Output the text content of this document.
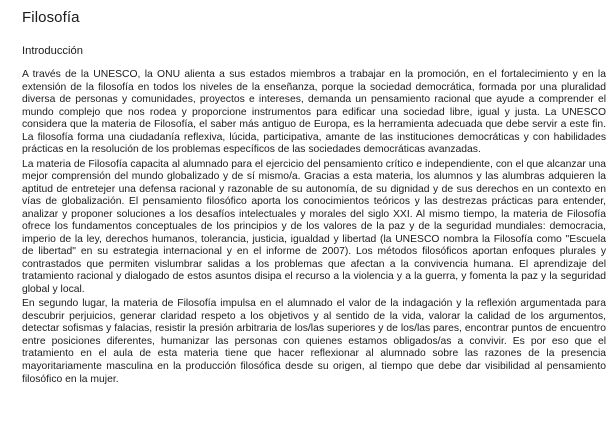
Filosofía
Introducción

A través de la UNESCO, la ONU alienta a sus estados miembros a trabajar en la promoción, en el fortalecimiento y en la extensión de la filosofía en todos los niveles de la enseñanza, porque la sociedad democrática, formada por una pluralidad diversa de personas y comunidades, proyectos e intereses, demanda un pensamiento racional que ayude a comprender el mundo complejo que nos rodea y proporcione instrumentos para edificar una sociedad libre, igual y justa. La UNESCO considera que la materia de Filosofía, el saber más antiguo de Europa, es la herramienta adecuada que debe servir a este fin. La filosofía forma una ciudadanía reflexiva, lúcida, participativa, amante de las instituciones democráticas y con habilidades prácticas en la resolución de los problemas específicos de las sociedades democráticas avanzadas.

La materia de Filosofía capacita al alumnado para el ejercicio del pensamiento crítico e independiente, con el que alcanzar una mejor comprensión del mundo globalizado y de sí mismo/a. Gracias a esta materia, los alumnos y las alumbras adquieren la aptitud de entretejer una defensa racional y razonable de su autonomía, de su dignidad y de sus derechos en un contexto en vías de globalización. El pensamiento filosófico aporta los conocimientos teóricos y las destrezas prácticas para entender, analizar y proponer soluciones a los desafíos intelectuales y morales del siglo XXI. Al mismo tiempo, la materia de Filosofía ofrece los fundamentos conceptuales de los principios y de los valores de la paz y de la seguridad mundiales: democracia, imperio de la ley, derechos humanos, tolerancia, justicia, igualdad y libertad (la UNESCO nombra la Filosofía como "Escuela de libertad" en su estrategia internacional y en el informe de 2007). Los métodos filosóficos aportan enfoques plurales y contrastados que permiten vislumbrar salidas a los problemas que afectan a la convivencia humana. El aprendizaje del tratamiento racional y dialogado de estos asuntos disipa el recurso a la violencia y a la guerra, y fomenta la paz y la seguridad global y local.

En segundo lugar, la materia de Filosofía impulsa en el alumnado el valor de la indagación y la reflexión argumentada para descubrir perjuicios, generar claridad respeto a los objetivos y al sentido de la vida, valorar la calidad de los argumentos, detectar sofismas y falacias, resistir la presión arbitraria de los/las superiores y de los/las pares, encontrar puntos de encuentro entre posiciones diferentes, humanizar las personas con quienes estamos obligados/as a convivir. Es por eso que el tratamiento en el aula de esta materia tiene que hacer reflexionar al alumnado sobre las razones de la presencia mayoritariamente masculina en la producción filosófica desde su origen, al tiempo que debe dar visibilidad al pensamiento filosófico en la mujer.
